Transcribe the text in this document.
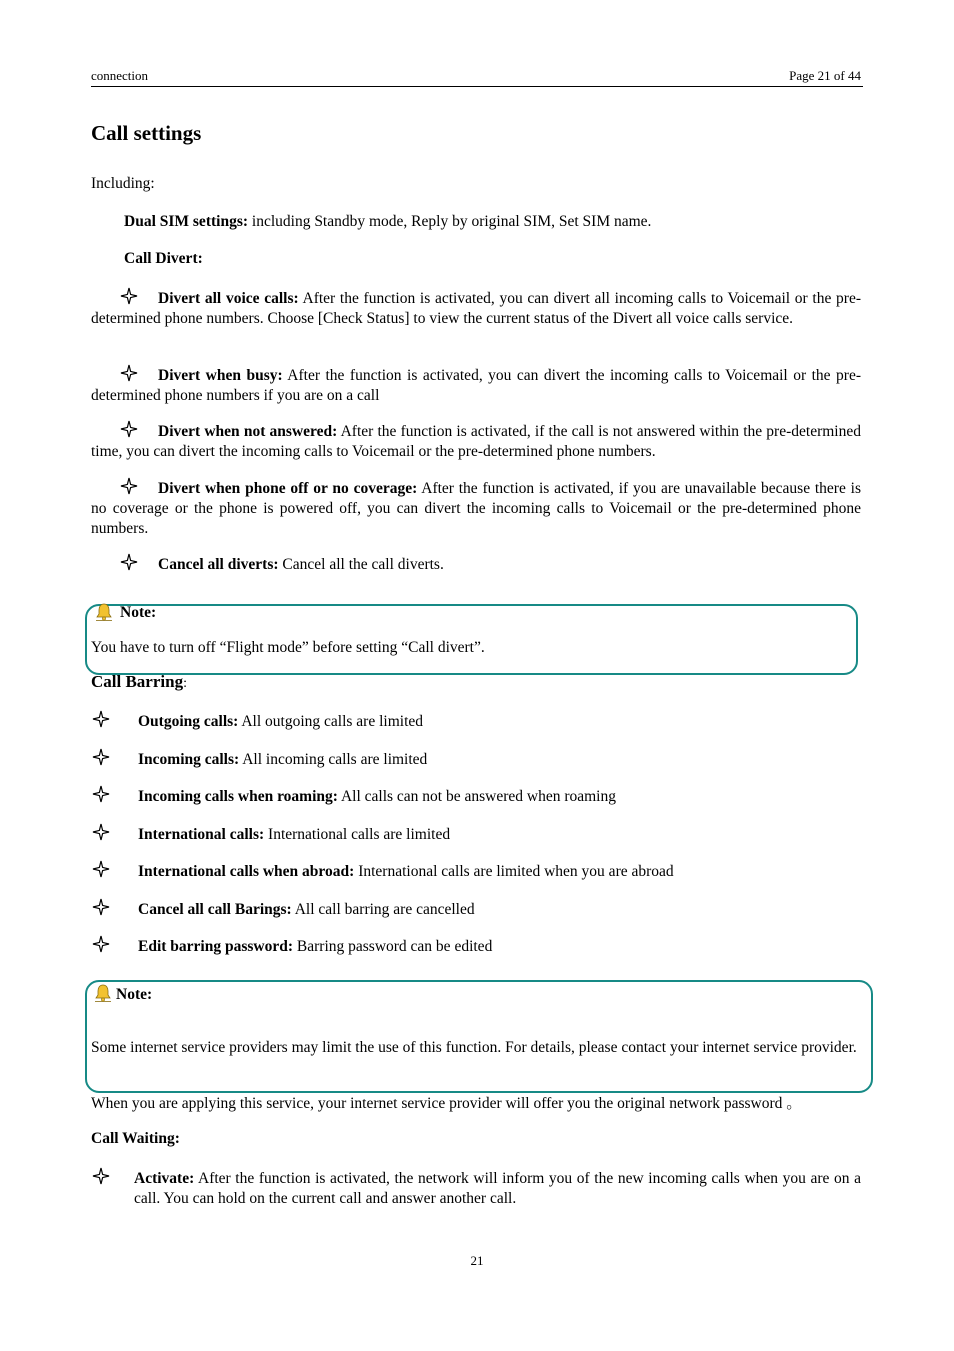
connection	Page 21 of 44
Call settings
Including:
Dual SIM settings: including Standby mode, Reply by original SIM, Set SIM name.
Call Divert:
Divert all voice calls: After the function is activated, you can divert all incoming calls to Voicemail or the pre-determined phone numbers. Choose [Check Status] to view the current status of the Divert all voice calls service.
Divert when busy: After the function is activated, you can divert the incoming calls to Voicemail or the pre-determined phone numbers if you are on a call
Divert when not answered: After the function is activated, if the call is not answered within the pre-determined time, you can divert the incoming calls to Voicemail or the pre-determined phone numbers.
Divert when phone off or no coverage: After the function is activated, if you are unavailable because there is no coverage or the phone is powered off, you can divert the incoming calls to Voicemail or the pre-determined phone numbers.
Cancel all diverts: Cancel all the call diverts.
Note:
You have to turn off “Flight mode” before setting “Call divert”.
Call Barring:
Outgoing calls: All outgoing calls are limited
Incoming calls: All incoming calls are limited
Incoming calls when roaming: All calls can not be answered when roaming
International calls: International calls are limited
International calls when abroad: International calls are limited when you are abroad
Cancel all call Barings: All call barring are cancelled
Edit barring password: Barring password can be edited
Note:
Some internet service providers may limit the use of this function. For details, please contact your internet service provider.
When you are applying this service, your internet service provider will offer you the original network password 。
Call Waiting:
Activate: After the function is activated, the network will inform you of the new incoming calls when you are on a call. You can hold on the current call and answer another call.
21
